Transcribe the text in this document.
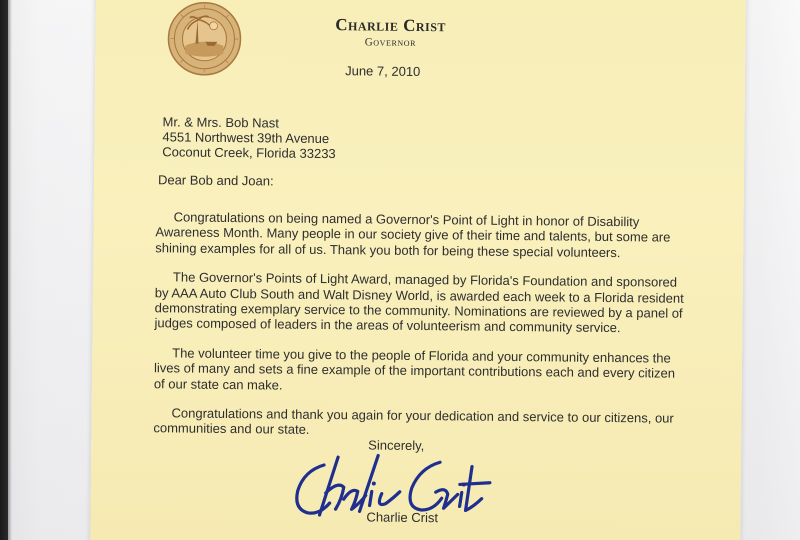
Charlie Crist
Governor
June 7, 2010
Mr. & Mrs. Bob Nast
4551 Northwest 39th Avenue
Coconut Creek, Florida 33233
Dear Bob and Joan:

Congratulations on being named a Governor's Point of Light in honor of Disability Awareness Month. Many people in our society give of their time and talents, but some are shining examples for all of us. Thank you both for being these special volunteers.

The Governor's Points of Light Award, managed by Florida's Foundation and sponsored by AAA Auto Club South and Walt Disney World, is awarded each week to a Florida resident demonstrating exemplary service to the community. Nominations are reviewed by a panel of judges composed of leaders in the areas of volunteerism and community service.

The volunteer time you give to the people of Florida and your community enhances the lives of many and sets a fine example of the important contributions each and every citizen of our state can make.

Congratulations and thank you again for your dedication and service to our citizens, our communities and our state.

Sincerely,
Charlie Crist
